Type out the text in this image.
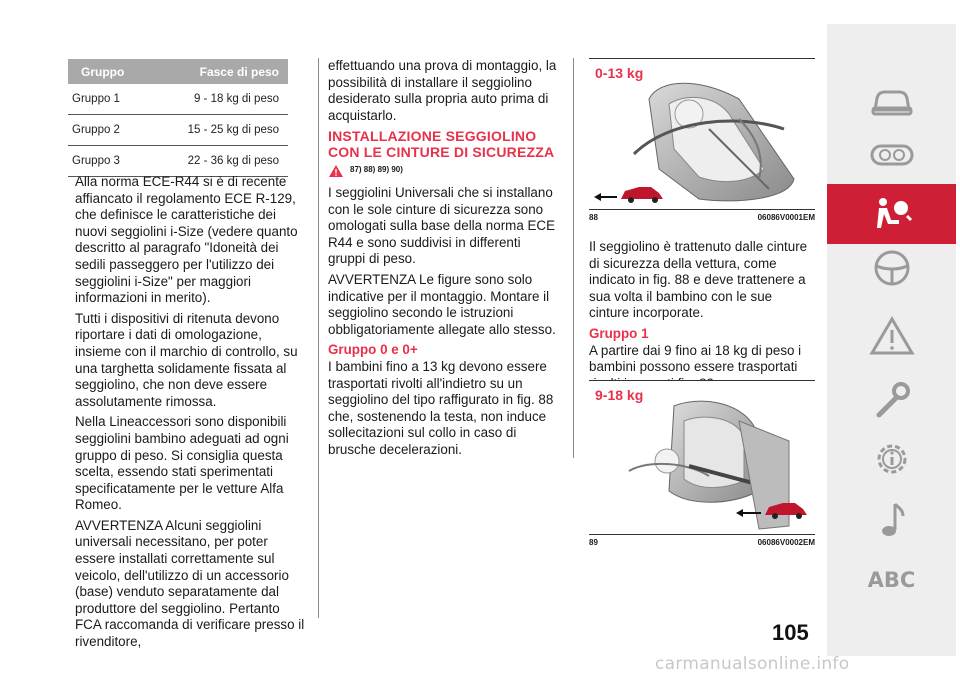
Gruppo	Fasce di peso
Gruppo 1	9 - 18 kg di peso
Gruppo 2	15 - 25 kg di peso
Gruppo 3	22 - 36 kg di peso

Alla norma ECE-R44 si è di recente affiancato il regolamento ECE R-129, che definisce le caratteristiche dei nuovi seggiolini i-Size (vedere quanto descritto al paragrafo "Idoneità dei sedili passeggero per l'utilizzo dei seggiolini i-Size" per maggiori informazioni in merito).

Tutti i dispositivi di ritenuta devono riportare i dati di omologazione, insieme con il marchio di controllo, su una targhetta solidamente fissata al seggiolino, che non deve essere assolutamente rimossa.

Nella Lineaccessori sono disponibili seggiolini bambino adeguati ad ogni gruppo di peso. Si consiglia questa scelta, essendo stati sperimentati specificatamente per le vetture Alfa Romeo.

AVVERTENZA Alcuni seggiolini universali necessitano, per poter essere installati correttamente sul veicolo, dell'utilizzo di un accessorio (base) venduto separatamente dal produttore del seggiolino. Pertanto FCA raccomanda di verificare presso il rivenditore,

effettuando una prova di montaggio, la possibilità di installare il seggiolino desiderato sulla propria auto prima di acquistarlo.

INSTALLAZIONE SEGGIOLINO CON LE CINTURE DI SICUREZZA
87) 88) 89) 90)

I seggiolini Universali che si installano con le sole cinture di sicurezza sono omologati sulla base della norma ECE R44 e sono suddivisi in differenti gruppi di peso.

AVVERTENZA Le figure sono solo indicative per il montaggio. Montare il seggiolino secondo le istruzioni obbligatoriamente allegate allo stesso.

Gruppo 0 e 0+

I bambini fino a 13 kg devono essere trasportati rivolti all'indietro su un seggiolino del tipo raffigurato in fig. 88 che, sostenendo la testa, non induce sollecitazioni sul collo in caso di brusche decelerazioni.

0-13 kg
88	06086V0001EM

Il seggiolino è trattenuto dalle cinture di sicurezza della vettura, come indicato in fig. 88 e deve trattenere a sua volta il bambino con le sue cinture incorporate.

Gruppo 1

A partire dai 9 fino ai 18 kg di peso i bambini possono essere trasportati

9-18 kg
89	06086V0002EM
ABC
105
carmanualsonline.info
